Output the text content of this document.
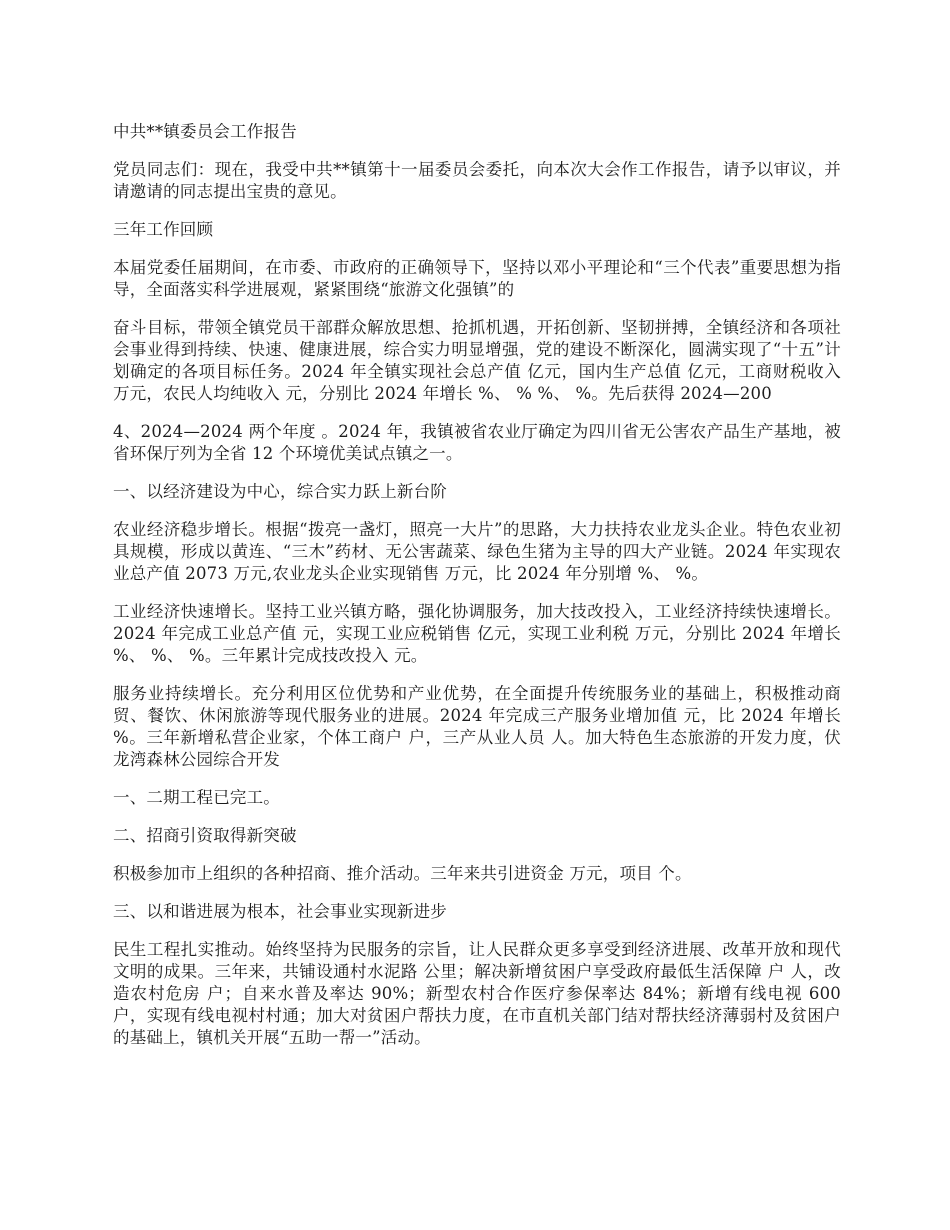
中共**镇委员会工作报告

党员同志们：现在，我受中共**镇第十一届委员会委托，向本次大会作工作报告，请予以审议，并请邀请的同志提出宝贵的意见。

三年工作回顾

本届党委任届期间，在市委、市政府的正确领导下，坚持以邓小平理论和“三个代表”重要思想为指导，全面落实科学进展观，紧紧围绕“旅游文化强镇”的

奋斗目标，带领全镇党员干部群众解放思想、抢抓机遇，开拓创新、坚韧拼搏，全镇经济和各项社会事业得到持续、快速、健康进展，综合实力明显增强，党的建设不断深化，圆满实现了“十五”计划确定的各项目标任务。2024 年全镇实现社会总产值 亿元，国内生产总值 亿元，工商财税收入 万元，农民人均纯收入 元，分别比 2024 年增长 %、 % %、 %。先后获得 2024—200

4、2024—2024 两个年度 。2024 年，我镇被省农业厅确定为四川省无公害农产品生产基地，被省环保厅列为全省 12 个环境优美试点镇之一。

一、以经济建设为中心，综合实力跃上新台阶

农业经济稳步增长。根据“拨亮一盏灯，照亮一大片”的思路，大力扶持农业龙头企业。特色农业初具规模，形成以黄连、“三木”药材、无公害蔬菜、绿色生猪为主导的四大产业链。2024 年实现农业总产值 2073 万元,农业龙头企业实现销售 万元，比 2024 年分别增 %、 %。

工业经济快速增长。坚持工业兴镇方略，强化协调服务，加大技改投入，工业经济持续快速增长。2024 年完成工业总产值 元，实现工业应税销售 亿元，实现工业利税 万元，分别比 2024 年增长 %、 %、 %。三年累计完成技改投入 元。

服务业持续增长。充分利用区位优势和产业优势，在全面提升传统服务业的基础上，积极推动商贸、餐饮、休闲旅游等现代服务业的进展。2024 年完成三产服务业增加值 元，比 2024 年增长 %。三年新增私营企业家，个体工商户 户，三产从业人员 人。加大特色生态旅游的开发力度，伏龙湾森林公园综合开发

一、二期工程已完工。

二、招商引资取得新突破

积极参加市上组织的各种招商、推介活动。三年来共引进资金 万元，项目 个。

三、以和谐进展为根本，社会事业实现新进步

民生工程扎实推动。始终坚持为民服务的宗旨，让人民群众更多享受到经济进展、改革开放和现代文明的成果。三年来，共铺设通村水泥路 公里；解决新增贫困户享受政府最低生活保障 户 人，改造农村危房 户；自来水普及率达 90%；新型农村合作医疗参保率达 84%；新增有线电视 600 户，实现有线电视村村通；加大对贫困户帮扶力度，在市直机关部门结对帮扶经济薄弱村及贫困户的基础上，镇机关开展“五助一帮一”活动。
